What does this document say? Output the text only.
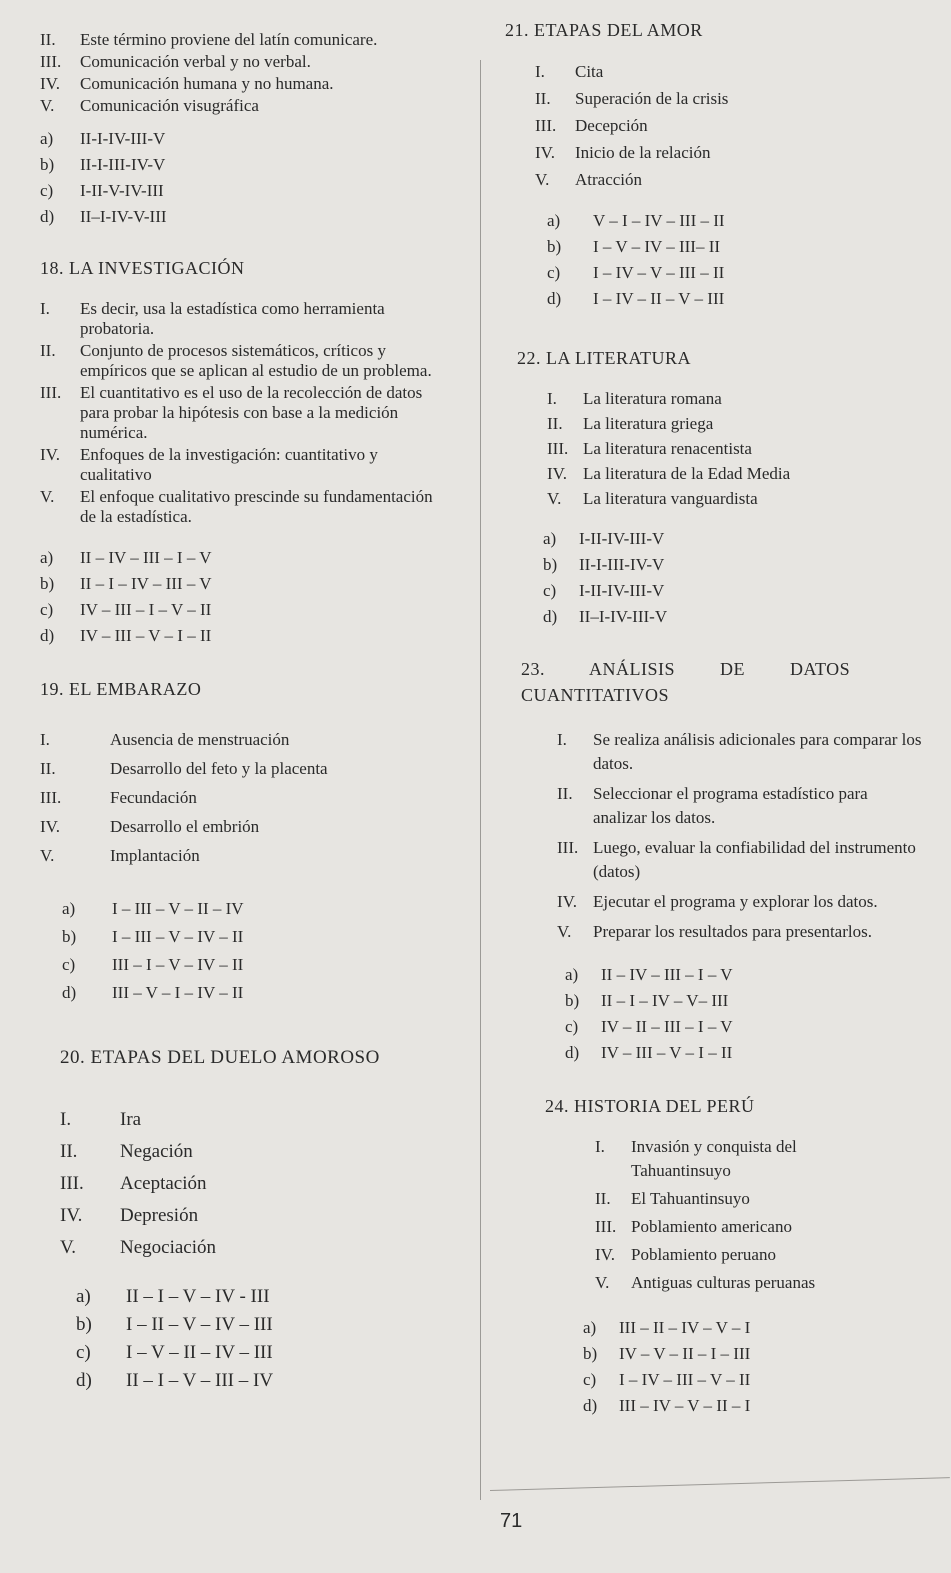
II.	Este término proviene del latín comunicare.
III.	Comunicación verbal y no verbal.
IV.	Comunicación humana y no humana.
V.	Comunicación visugráfica
a)	II-I-IV-III-V
b)	II-I-III-IV-V
c)	I-II-V-IV-III
d)	II–I-IV-V-III
18. LA INVESTIGACIÓN
I.	Es decir, usa la estadística como herramienta probatoria.
II.	Conjunto de procesos sistemáticos, críticos y empíricos que se aplican al estudio de un problema.
III.	El cuantitativo es el uso de la recolección de datos para probar la hipótesis con base a la medición numérica.
IV.	Enfoques de la investigación: cuantitativo y cualitativo
V.	El enfoque cualitativo prescinde su fundamentación de la estadística.
a)	II – IV – III – I – V
b)	II – I – IV – III – V
c)	IV – III – I – V – II
d)	IV – III – V – I – II
19. EL EMBARAZO
I.	Ausencia de menstruación
II.	Desarrollo del feto y la placenta
III.	Fecundación
IV.	Desarrollo el embrión
V.	Implantación
a)	I – III – V – II – IV
b)	I – III – V – IV – II
c)	III – I – V – IV – II
d)	III – V – I – IV – II
20. ETAPAS DEL DUELO AMOROSO
I.	Ira
II.	Negación
III.	Aceptación
IV.	Depresión
V.	Negociación
a)	II – I – V – IV - III
b)	I – II – V – IV – III
c)	I – V – II – IV – III
d)	II – I – V – III – IV
21. ETAPAS DEL AMOR
I.	Cita
II.	Superación de la crisis
III.	Decepción
IV.	Inicio de la relación
V.	Atracción
a)	V – I – IV – III – II
b)	I – V – IV – III– II
c)	I – IV – V – III – II
d)	I – IV – II – V – III
22. LA LITERATURA
I.	La literatura romana
II.	La literatura griega
III. La literatura renacentista
IV. La literatura de la Edad Media
V.	La literatura vanguardista
a)	I-II-IV-III-V
b)	II-I-III-IV-V
c)	I-II-IV-III-V
d)	II–I-IV-III-V
23. ANÁLISIS DE DATOS CUANTITATIVOS
I.	Se realiza análisis adicionales para comparar los datos.
II.	Seleccionar el programa estadístico para analizar los datos.
III. Luego, evaluar la confiabilidad del instrumento (datos)
IV. Ejecutar el programa y explorar los datos.
V.	Preparar los resultados para presentarlos.
a)	II – IV – III – I – V
b)	II – I – IV – V– III
c)	IV – II – III – I – V
d)	IV – III – V – I – II
24. HISTORIA DEL PERÚ
I.	Invasión y conquista del Tahuantinsuyo
II.	El Tahuantinsuyo
III. Poblamiento americano
IV. Poblamiento peruano
V.	Antiguas culturas peruanas
a)	III – II – IV – V – I
b)	IV – V – II – I – III
c)	I – IV – III – V – II
d)	III – IV – V – II – I
71
